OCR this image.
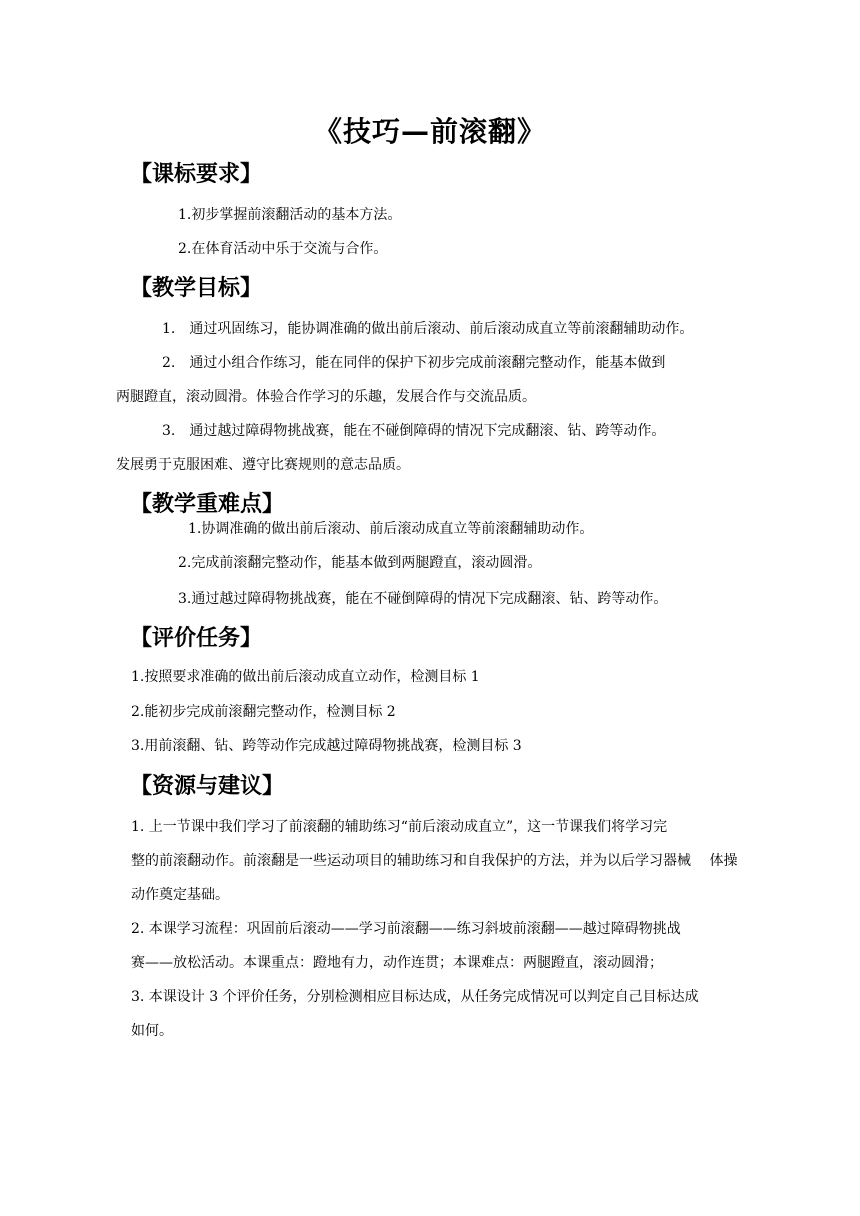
《技巧—前滚翻》
【课标要求】
1.初步掌握前滚翻活动的基本方法。
2.在体育活动中乐于交流与合作。
【教学目标】
1.　通过巩固练习，能协调准确的做出前后滚动、前后滚动成直立等前滚翻辅助动作。
2.　通过小组合作练习，能在同伴的保护下初步完成前滚翻完整动作，能基本做到
两腿蹬直，滚动圆滑。体验合作学习的乐趣，发展合作与交流品质。
3.　通过越过障碍物挑战赛，能在不碰倒障碍的情况下完成翻滚、钻、跨等动作。
发展勇于克服困难、遵守比赛规则的意志品质。
【教学重难点】
1.协调准确的做出前后滚动、前后滚动成直立等前滚翻辅助动作。
2.完成前滚翻完整动作，能基本做到两腿蹬直，滚动圆滑。
3.通过越过障碍物挑战赛，能在不碰倒障碍的情况下完成翻滚、钻、跨等动作。
【评价任务】
1.按照要求准确的做出前后滚动成直立动作，检测目标 1
2.能初步完成前滚翻完整动作，检测目标 2
3.用前滚翻、钻、跨等动作完成越过障碍物挑战赛，检测目标 3
【资源与建议】
1. 上一节课中我们学习了前滚翻的辅助练习“前后滚动成直立”，这一节课我们将学习完
整的前滚翻动作。前滚翻是一些运动项目的辅助练习和自我保护的方法，并为以后学习器械　 体操
动作奠定基础。
2. 本课学习流程：巩固前后滚动——学习前滚翻——练习斜坡前滚翻——越过障碍物挑战
赛——放松活动。本课重点：蹬地有力，动作连贯；本课难点：两腿蹬直，滚动圆滑；
3. 本课设计 3 个评价任务，分别检测相应目标达成，从任务完成情况可以判定自己目标达成
如何。
